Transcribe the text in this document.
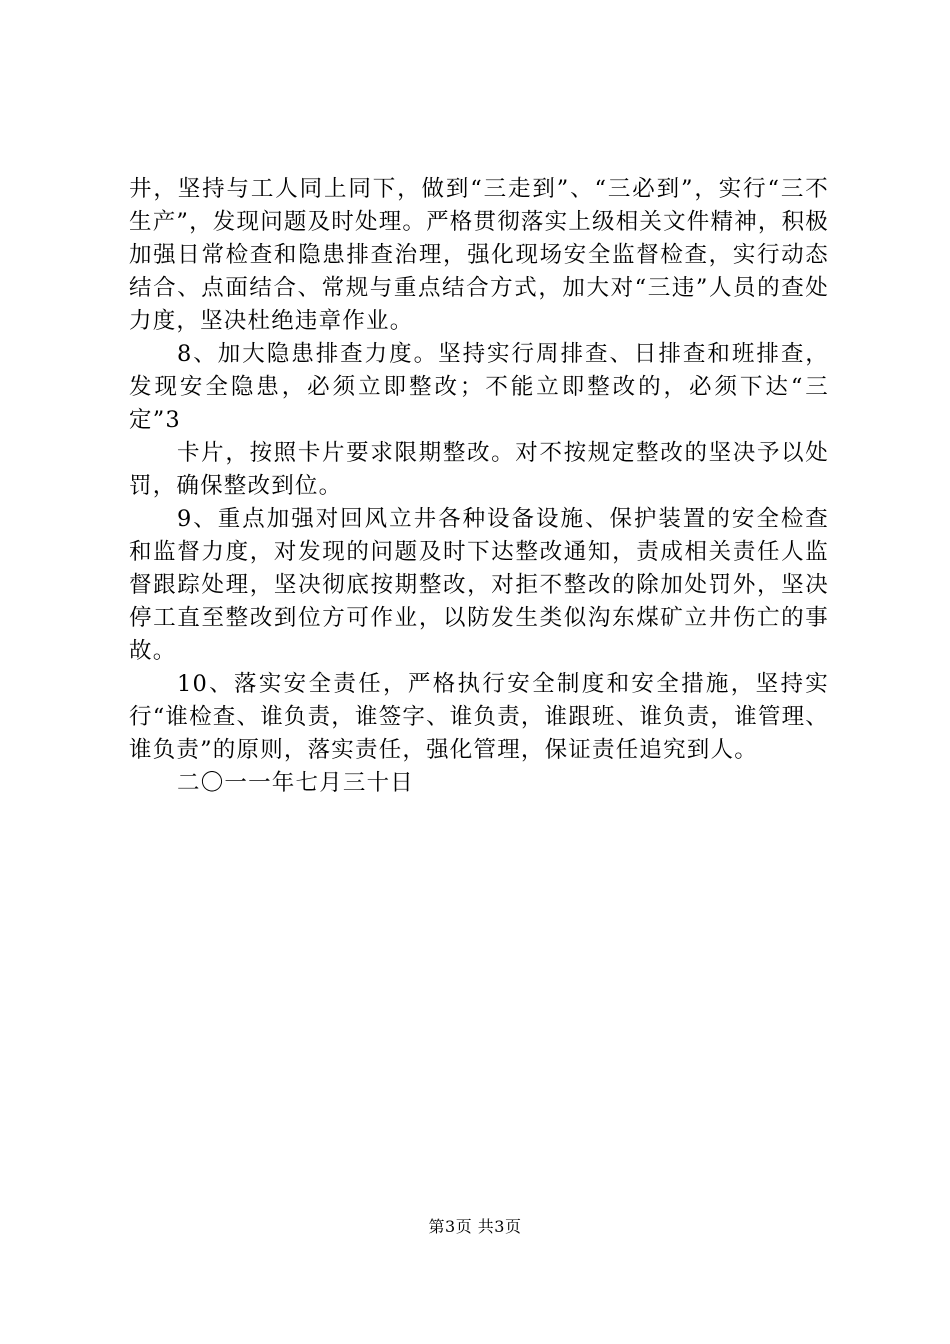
井，坚持与工人同上同下，做到“三走到”、“三必到”，实行“三不生产”，发现问题及时处理。严格贯彻落实上级相关文件精神，积极加强日常检查和隐患排查治理，强化现场安全监督检查，实行动态结合、点面结合、常规与重点结合方式，加大对“三违”人员的查处力度，坚决杜绝违章作业。

8、加大隐患排查力度。坚持实行周排查、日排查和班排查，发现安全隐患，必须立即整改；不能立即整改的，必须下达“三定”3

卡片，按照卡片要求限期整改。对不按规定整改的坚决予以处罚，确保整改到位。

9、重点加强对回风立井各种设备设施、保护装置的安全检查和监督力度，对发现的问题及时下达整改通知，责成相关责任人监督跟踪处理，坚决彻底按期整改，对拒不整改的除加处罚外，坚决停工直至整改到位方可作业，以防发生类似沟东煤矿立井伤亡的事故。

10、落实安全责任，严格执行安全制度和安全措施，坚持实行“谁检查、谁负责，谁签字、谁负责，谁跟班、谁负责，谁管理、谁负责”的原则，落实责任，强化管理，保证责任追究到人。

二〇一一年七月三十日

第3页 共3页
